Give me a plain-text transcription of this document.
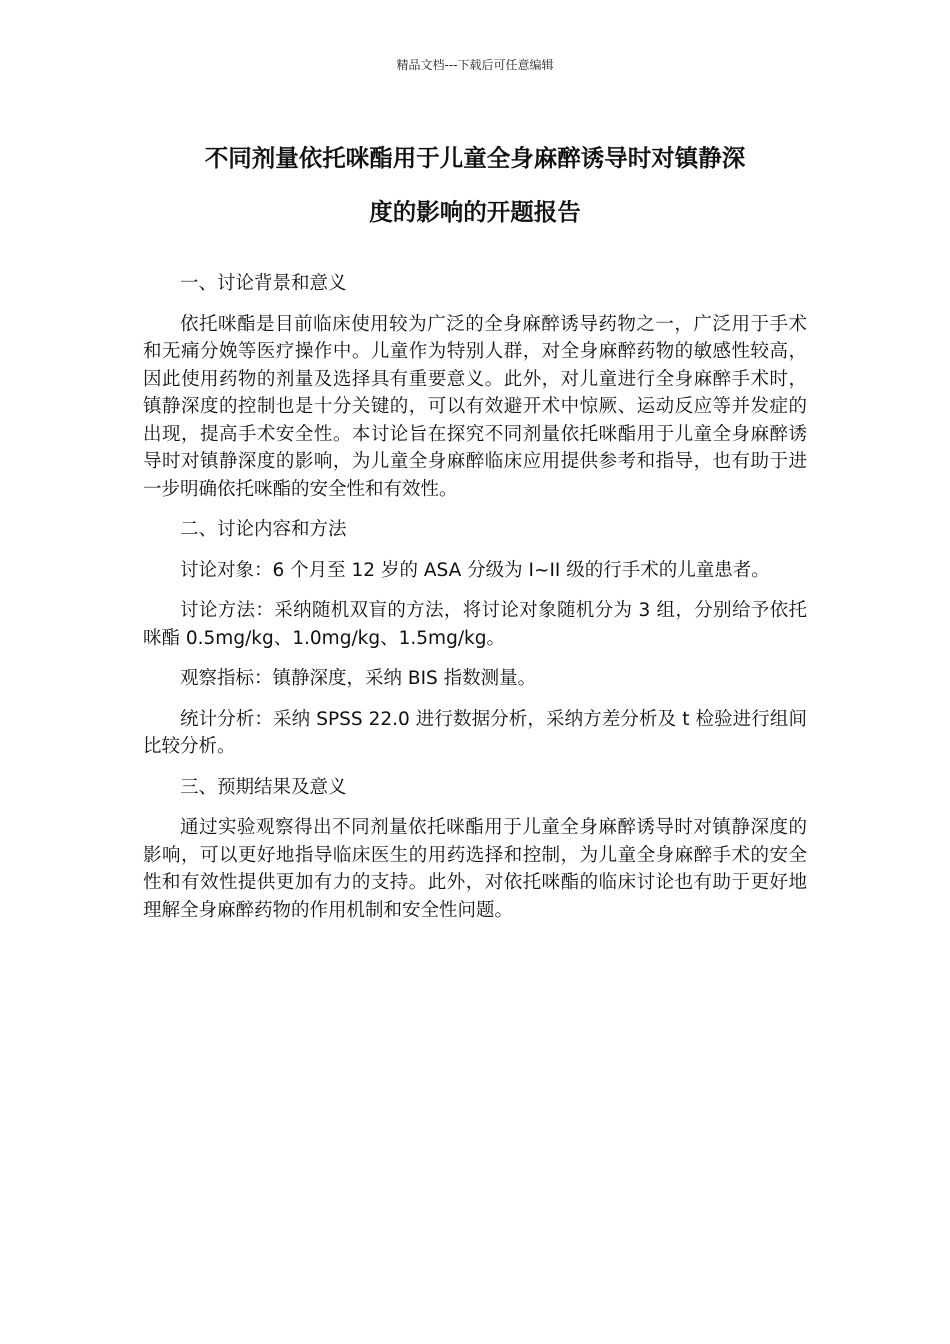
精品文档---下载后可任意编辑
不同剂量依托咪酯用于儿童全身麻醉诱导时对镇静深
度的影响的开题报告

一、讨论背景和意义

依托咪酯是目前临床使用较为广泛的全身麻醉诱导药物之一，广泛用于手术和无痛分娩等医疗操作中。儿童作为特别人群，对全身麻醉药物的敏感性较高，因此使用药物的剂量及选择具有重要意义。此外，对儿童进行全身麻醉手术时，镇静深度的控制也是十分关键的，可以有效避开术中惊厥、运动反应等并发症的出现，提高手术安全性。本讨论旨在探究不同剂量依托咪酯用于儿童全身麻醉诱导时对镇静深度的影响，为儿童全身麻醉临床应用提供参考和指导，也有助于进一步明确依托咪酯的安全性和有效性。

二、讨论内容和方法

讨论对象：6 个月至 12 岁的 ASA 分级为 I~II 级的行手术的儿童患者。

讨论方法：采纳随机双盲的方法，将讨论对象随机分为 3 组，分别给予依托咪酯 0.5mg/kg、1.0mg/kg、1.5mg/kg。

观察指标：镇静深度，采纳 BIS 指数测量。

统计分析：采纳 SPSS 22.0 进行数据分析，采纳方差分析及 t 检验进行组间比较分析。

三、预期结果及意义

通过实验观察得出不同剂量依托咪酯用于儿童全身麻醉诱导时对镇静深度的影响，可以更好地指导临床医生的用药选择和控制，为儿童全身麻醉手术的安全性和有效性提供更加有力的支持。此外，对依托咪酯的临床讨论也有助于更好地理解全身麻醉药物的作用机制和安全性问题。
